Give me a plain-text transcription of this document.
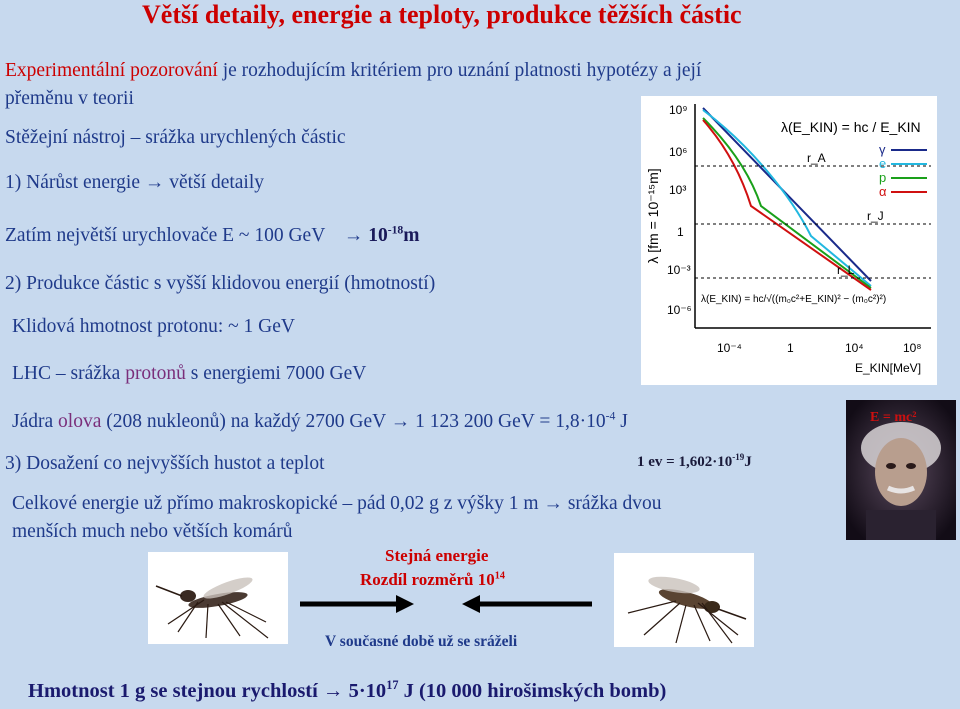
Větší detaily, energie a teploty, produkce těžších částic
Experimentální pozorování je rozhodujícím kritériem pro uznání platnosti hypotézy a její
přeměnu v teorii
Stěžejní nástroj – srážka urychlených částic
1) Nárůst energie → větší detaily
Zatím největší urychlovače E ~ 100 GeV → $10^{-18}m$
2) Produkce částic s vyšší klidovou energií (hmotností)
Klidová hmotnost protonu: ~ 1 GeV
LHC – srážka protonů s energiemi 7000 GeV
Jádra olova (208 nukleonů) na každý 2700 GeV → 1 123 200 GeV = $1,8\cdot 10^{-4}$ J
3) Dosažení co nejvyšších hustot a teplot	1 ev = $1,602\cdot 10^{-19}J$
Celkové energie už přímo makroskopické – pád 0,02 g z výšky 1 m → srážka dvou
menších much nebo větších komárů
Stejná energie
Rozdíl rozměrů $10^{14}$
V současné době už se sráželi
Hmotnost 1 g se stejnou rychlostí → $5\cdot 10^{17}$ J (10 000 hirošimských bomb)
λ [fm = 10⁻¹⁵m]
10⁹
10⁶
10³
1
10⁻³
10⁻⁶
10⁻⁴	1	10⁴	10⁸
E_KIN[MeV]
λ(E_KIN) = hc / E_KIN
λ(E_KIN) = hc/√((m₀c²+E_KIN)² − (m₀c²)²)
r_A
r_J
r_L
γ
e
p
α
E = mc²
